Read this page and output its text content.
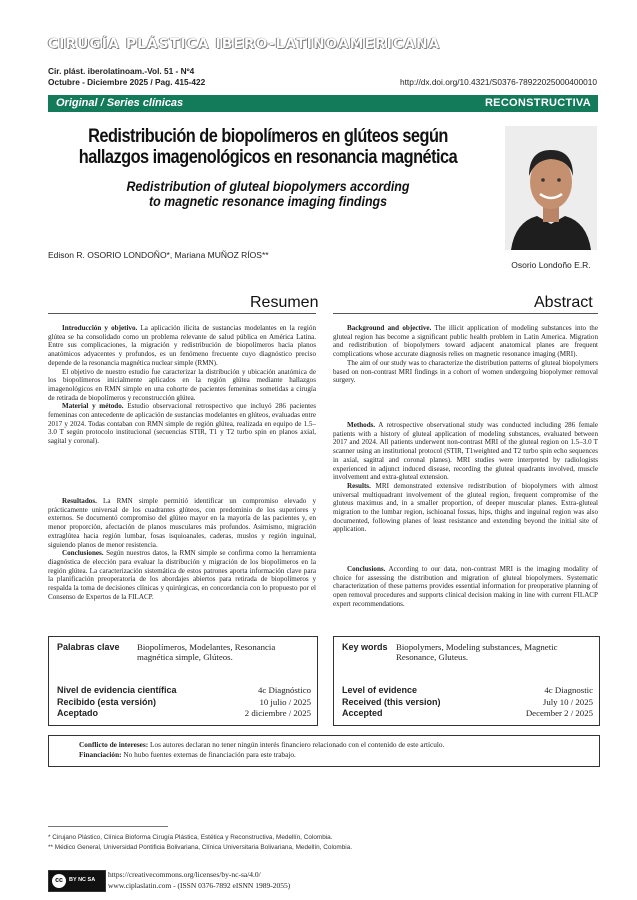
CIRUGÍA PLÁSTICA IBERO-LATINOAMERICANA
Cir. plást. iberolatinoam.-Vol. 51 - Nº4
Octubre - Diciembre 2025 / Pag. 415-422	http://dx.doi.org/10.4321/S0376-78922025000400010
Original / Series clínicas	RECONSTRUCTIVA
Redistribución de biopolímeros en glúteos según
hallazgos imagenológicos en resonancia magnética
Redistribution of gluteal biopolymers according
to magnetic resonance imaging findings
Osorio Londoño E.R.
Edison R. OSORIO LONDOÑO*, Mariana MUÑOZ RÍOS**
Resumen	Abstract

Introducción y objetivo. La aplicación ilícita de sustancias modelantes en la región glútea se ha consolidado como un problema relevante de salud pública en América Latina. Entre sus complicaciones, la migración y redistribución de biopolímeros hacia planos anatómicos adyacentes y profundos, es un fenómeno frecuente cuyo diagnóstico preciso depende de la resonancia magnética nuclear simple (RMN).

El objetivo de nuestro estudio fue caracterizar la distribución y ubicación anatómica de los biopolímeros inicialmente aplicados en la región glútea mediante hallazgos imagenológicos en RMN simple en una cohorte de pacientes femeninas sometidas a cirugía de retirada de biopolímeros y reconstrucción glútea.

Material y método. Estudio observacional retrospectivo que incluyó 286 pacientes femeninas con antecedente de aplicación de sustancias modelantes en glúteos, evaluadas entre 2017 y 2024. Todas contaban con RMN simple de región glútea, realizada en equipo de 1.5–3.0 T según protocolo institucional (secuencias STIR, T1 y T2 turbo spin en planos axial, sagital y coronal).

Resultados. La RMN simple permitió identificar un compromiso elevado y prácticamente universal de los cuadrantes glúteos, con predominio de los superiores y externos. Se documentó compromiso del glúteo mayor en la mayoría de las pacientes y, en menor proporción, afectación de planos musculares más profundos. Asimismo, migración extraglútea hacia región lumbar, fosas isquioanales, caderas, muslos y región inguinal, siguiendo planos de menor resistencia.

Conclusiones. Según nuestros datos, la RMN simple se confirma como la herramienta diagnóstica de elección para evaluar la distribución y migración de los biopolímeros en la región glútea. La caracterización sistemática de estos patrones aporta información clave para la planificación preoperatoria de los abordajes abiertos para retirada de biopolímeros y respalda la toma de decisiones clínicas y quirúrgicas, en concordancia con lo propuesto por el Consenso de Expertos de la FILACP.

Background and objective. The illicit application of modeling substances into the gluteal region has become a significant public health problem in Latin America. Migration and redistribution of biopolymers toward adjacent anatomical planes are frequent complications whose accurate diagnosis relies on magnetic resonance imaging (MRI).

The aim of our study was to characterize the distribution patterns of gluteal biopolymers based on non-contrast MRI findings in a cohort of women undergoing biopolymer removal surgery.

Methods. A retrospective observational study was conducted including 286 female patients with a history of gluteal application of modeling substances, evaluated between 2017 and 2024. All patients underwent non-contrast MRI of the gluteal region on 1.5–3.0 T scanner using an institutional protocol (STIR, T1weighted and T2 turbo spin echo sequences in axial, sagittal and coronal planes). MRI studies were interpreted by radiologists experienced in adjunct induced disease, recording the gluteal quadrants involved, muscle involvement and extra-gluteal extension.

Results. MRI demonstrated extensive redistribution of biopolymers with almost universal multiquadrant involvement of the gluteal region, frequent compromise of the gluteus maximus and, in a smaller proportion, of deeper muscular planes. Extra-gluteal migration to the lumbar region, ischioanal fossas, hips, thighs and inguinal region was also documented, following planes of least resistance and extending beyond the initial site of application.

Conclusions. According to our data, non-contrast MRI is the imaging modality of choice for assessing the distribution and migration of gluteal biopolymers. Systematic characterization of these patterns provides essential information for preoperative planning of open removal procedures and supports clinical decision making in line with current FILACP expert recommendations.

Palabras clave Biopolímeros, Modelantes, Resonancia magnética simple, Glúteos.
Nivel de evidencia científica	4c Diagnóstico
Recibido (esta versión)	10 julio / 2025
Aceptado	2 diciembre / 2025
Key words Biopolymers, Modeling substances, Magnetic Resonance, Gluteus.
Level of evidence	4c Diagnostic
Received (this version)	July 10 / 2025
Accepted	December 2 / 2025
Conflicto de intereses: Los autores declaran no tener ningún interés financiero relacionado con el contenido de este artículo.
Financiación: No hubo fuentes externas de financiación para este trabajo.
* Cirujano Plástico, Clínica Bioforma Cirugía Plástica, Estética y Reconstructiva, Medellín, Colombia.
** Médico General, Universidad Pontificia Bolivariana, Clínica Universitaria Bolivariana, Medellín, Colombia.
cc	BY NC SA
https://creativecommons.org/licenses/by-nc-sa/4.0/
www.ciplaslatin.com - (ISSN 0376-7892 eISNN 1989-2055)
